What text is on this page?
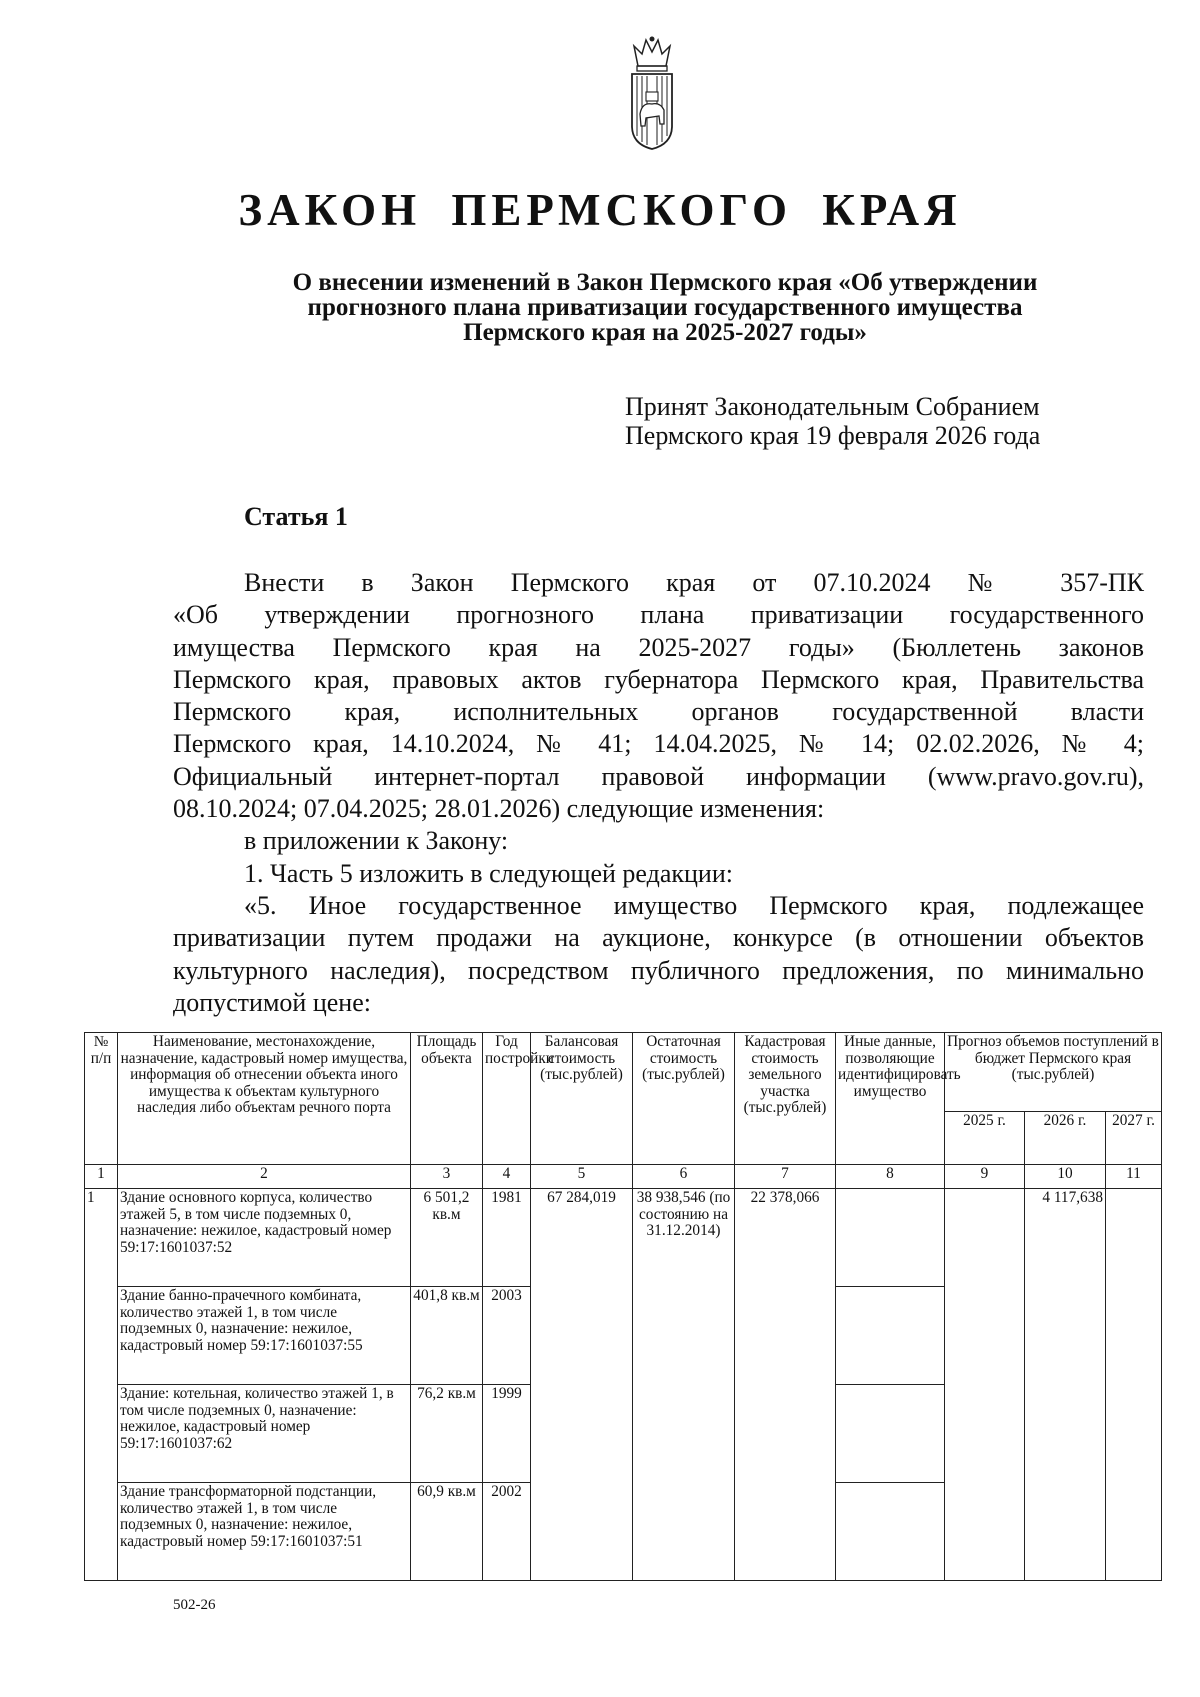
ЗАКОН ПЕРМСКОГО КРАЯ
О внесении изменений в Закон Пермского края «Об утверждении
прогнозного плана приватизации государственного имущества
Пермского края на 2025-2027 годы»
Принят Законодательным Собранием
Пермского края 19 февраля 2026 года
Статья 1

Внести в Закон Пермского края от 07.10.2024 № 357-ПК

«Об утверждении прогнозного плана приватизации государственного

имущества Пермского края на 2025-2027 годы» (Бюллетень законов

Пермского края, правовых актов губернатора Пермского края, Правительства

Пермского края, исполнительных органов государственной власти

Пермского края, 14.10.2024, № 41; 14.04.2025, № 14; 02.02.2026, № 4;

Официальный интернет-портал правовой информации (www.pravo.gov.ru),

08.10.2024; 07.04.2025; 28.01.2026) следующие изменения:

в приложении к Закону:

1. Часть 5 изложить в следующей редакции:

«5. Иное государственное имущество Пермского края, подлежащее

приватизации путем продажи на аукционе, конкурсе (в отношении объектов

культурного наследия), посредством публичного предложения, по минимально

допустимой цене:

№ п/п	Наименование, местонахождение, назначение, кадастровый номер имущества, информация об отнесении объекта иного имущества к объектам культурного наследия либо объектам речного порта	Площадь объекта	Год постройки	Балансовая стоимость (тыс.рублей)	Остаточная стоимость (тыс.рублей)	Кадастровая стоимость земельного участка (тыс.рублей)	Иные данные, позволяющие идентифицировать имущество	Прогноз объемов поступлений в бюджет Пермского края (тыс.рублей)		
								2025 г.	2026 г.	2027 г.
1	2	3	4	5	6	7	8	9	10	11
1	Здание основного корпуса, количество этажей 5, в том числе подземных 0, назначение: нежилое, кадастровый номер 59:17:1601037:52	6 501,2 кв.м	1981	67 284,019	38 938,546 (по состоянию на 31.12.2014)	22 378,066			4 117,638	
	Здание банно-прачечного комбината, количество этажей 1, в том числе подземных 0, назначение: нежилое, кадастровый номер 59:17:1601037:55	401,8 кв.м	2003							
	Здание: котельная, количество этажей 1, в том числе подземных 0, назначение: нежилое, кадастровый номер 59:17:1601037:62	76,2 кв.м	1999							
	Здание трансформаторной подстанции, количество этажей 1, в том числе подземных 0, назначение: нежилое, кадастровый номер 59:17:1601037:51	60,9 кв.м	2002							

502-26
